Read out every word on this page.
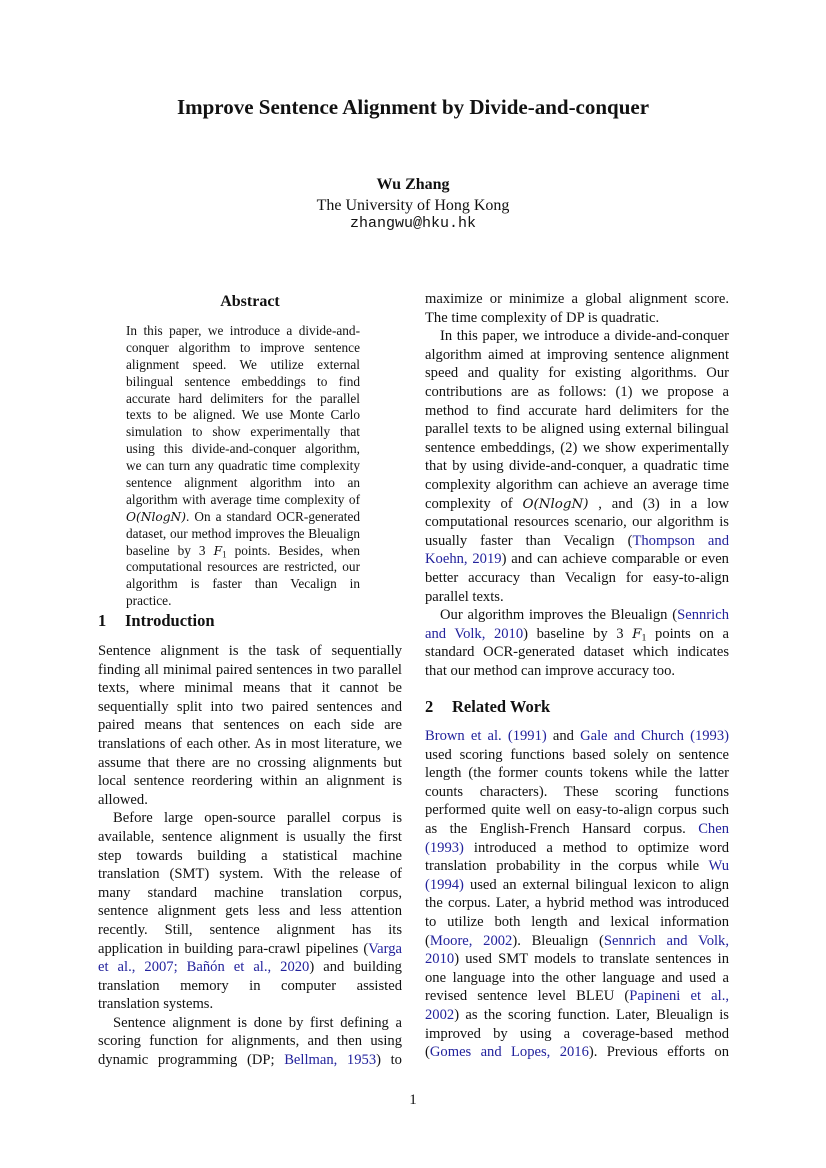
Improve Sentence Alignment by Divide-and-conquer
Wu Zhang
The University of Hong Kong
zhangwu@hku.hk
Abstract
In this paper, we introduce a divide-and-
conquer algorithm to improve sentence
alignment speed. We utilize external
bilingual sentence embeddings to find
accurate hard delimiters for the parallel
texts to be aligned. We use Monte Carlo
simulation to show experimentally that
using this divide-and-conquer algorithm,
we can turn any quadratic time complexity
sentence alignment algorithm into an
algorithm with average time complexity of
O(NlogN). On a standard OCR-generated
dataset, our method improves the Bleualign
baseline by 3 $F_1$ points. Besides, when
computational resources are restricted, our
algorithm is faster than Vecalign in practice.
1 Introduction
Sentence alignment is the task of sequentially
finding all minimal paired sentences in two parallel
texts, where minimal means that it cannot be
sequentially split into two paired sentences and
paired means that sentences on each side are
translations of each other. As in most literature, we
assume that there are no crossing alignments but
local sentence reordering within an alignment is
allowed.
Before large open-source parallel corpus is
available, sentence alignment is usually the first
step towards building a statistical machine
translation (SMT) system. With the release of
many standard machine translation corpus,
sentence alignment gets less and less attention
recently. Still, sentence alignment has its
application in building para-crawl pipelines (Varga
et al., 2007; Bañón et al., 2020) and building
translation memory in computer assisted
translation systems.
Sentence alignment is done by first defining a
scoring function for alignments, and then using
dynamic programming (DP; Bellman, 1953) to
maximize or minimize a global alignment score.
The time complexity of DP is quadratic.
In this paper, we introduce a divide-and-conquer
algorithm aimed at improving sentence alignment
speed and quality for existing algorithms. Our
contributions are as follows: (1) we propose a
method to find accurate hard delimiters for the
parallel texts to be aligned using external bilingual
sentence embeddings, (2) we show experimentally
that by using divide-and-conquer, a quadratic time
complexity algorithm can achieve an average time
complexity of O(NlogN) , and (3) in a low
computational resources scenario, our algorithm is
usually faster than Vecalign (Thompson and
Koehn, 2019) and can achieve comparable or even
better accuracy than Vecalign for easy-to-align
parallel texts.
Our algorithm improves the Bleualign (Sennrich
and Volk, 2010) baseline by 3 $F_1$ points on a
standard OCR-generated dataset which indicates
that our method can improve accuracy too.
2 Related Work
Brown et al. (1991) and Gale and Church (1993)
used scoring functions based solely on sentence
length (the former counts tokens while the latter
counts characters). These scoring functions
performed quite well on easy-to-align corpus such
as the English-French Hansard corpus. Chen
(1993) introduced a method to optimize word
translation probability in the corpus while Wu
(1994) used an external bilingual lexicon to align
the corpus. Later, a hybrid method was introduced
to utilize both length and lexical information
(Moore, 2002). Bleualign (Sennrich and Volk,
2010) used SMT models to translate sentences in
one language into the other language and used a
revised sentence level BLEU (Papineni et al.,
2002) as the scoring function. Later, Bleualign is
improved by using a coverage-based method
(Gomes and Lopes, 2016). Previous efforts on
1
